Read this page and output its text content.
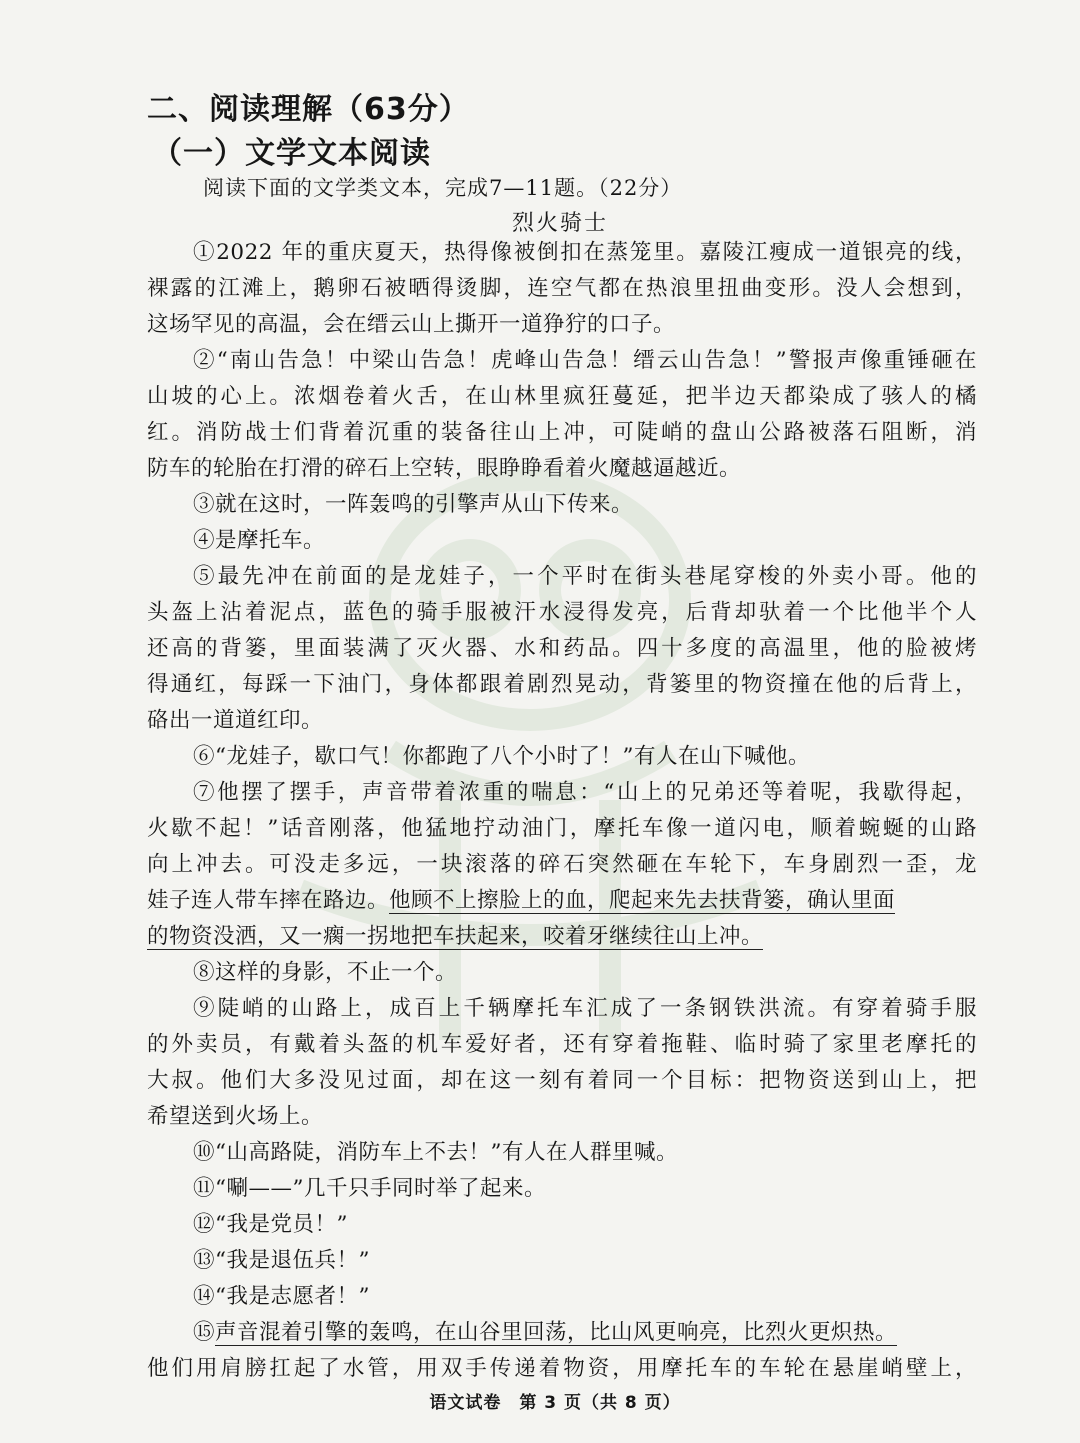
二、阅读理解（63分）
（一）文学文本阅读
阅读下面的文学类文本，完成7—11题。（22分）
烈火骑士
①2022 年的重庆夏天，热得像被倒扣在蒸笼里。嘉陵江瘦成一道银亮的线，
裸露的江滩上，鹅卵石被晒得烫脚，连空气都在热浪里扭曲变形。没人会想到，
这场罕见的高温，会在缙云山上撕开一道狰狞的口子。
②“南山告急！中梁山告急！虎峰山告急！缙云山告急！”警报声像重锤砸在
山坡的心上。浓烟卷着火舌，在山林里疯狂蔓延，把半边天都染成了骇人的橘
红。消防战士们背着沉重的装备往山上冲，可陡峭的盘山公路被落石阻断，消
防车的轮胎在打滑的碎石上空转，眼睁睁看着火魔越逼越近。
③就在这时，一阵轰鸣的引擎声从山下传来。
④是摩托车。
⑤最先冲在前面的是龙娃子，一个平时在街头巷尾穿梭的外卖小哥。他的
头盔上沾着泥点，蓝色的骑手服被汗水浸得发亮，后背却驮着一个比他半个人
还高的背篓，里面装满了灭火器、水和药品。四十多度的高温里，他的脸被烤
得通红，每踩一下油门，身体都跟着剧烈晃动，背篓里的物资撞在他的后背上，
硌出一道道红印。
⑥“龙娃子，歇口气！你都跑了八个小时了！”有人在山下喊他。
⑦他摆了摆手，声音带着浓重的喘息：“山上的兄弟还等着呢，我歇得起，
火歇不起！”话音刚落，他猛地拧动油门，摩托车像一道闪电，顺着蜿蜒的山路
向上冲去。可没走多远，一块滚落的碎石突然砸在车轮下，车身剧烈一歪，龙
娃子连人带车摔在路边。他顾不上擦脸上的血，爬起来先去扶背篓，确认里面
的物资没洒，又一瘸一拐地把车扶起来，咬着牙继续往山上冲。
⑧这样的身影，不止一个。
⑨陡峭的山路上，成百上千辆摩托车汇成了一条钢铁洪流。有穿着骑手服
的外卖员，有戴着头盔的机车爱好者，还有穿着拖鞋、临时骑了家里老摩托的
大叔。他们大多没见过面，却在这一刻有着同一个目标：把物资送到山上，把
希望送到火场上。
⑩“山高路陡，消防车上不去！”有人在人群里喊。
⑪“唰——”几千只手同时举了起来。
⑫“我是党员！”
⑬“我是退伍兵！”
⑭“我是志愿者！”
⑮声音混着引擎的轰鸣，在山谷里回荡，比山风更响亮，比烈火更炽热。
他们用肩膀扛起了水管，用双手传递着物资，用摩托车的车轮在悬崖峭壁上，
语文试卷　第 3 页（共 8 页）
